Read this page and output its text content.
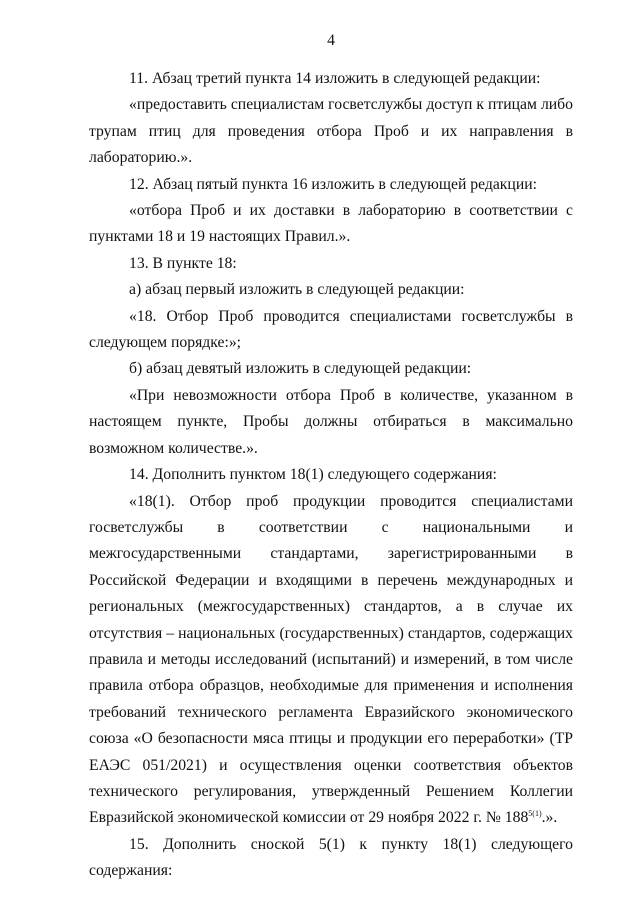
4

11. Абзац третий пункта 14 изложить в следующей редакции:

«предоставить специалистам госветслужбы доступ к птицам либо трупам птиц для проведения отбора Проб и их направления в лабораторию.».

12. Абзац пятый пункта 16 изложить в следующей редакции:

«отбора Проб и их доставки в лабораторию в соответствии с пунктами 18 и 19 настоящих Правил.».

13. В пункте 18:

а) абзац первый изложить в следующей редакции:

«18. Отбор Проб проводится специалистами госветслужбы в следующем порядке:»;

б) абзац девятый изложить в следующей редакции:

«При невозможности отбора Проб в количестве, указанном в настоящем пункте, Пробы должны отбираться в максимально возможном количестве.».

14. Дополнить пунктом 18(1) следующего содержания:

«18(1). Отбор проб продукции проводится специалистами госветслужбы в соответствии с национальными и межгосударственными стандартами, зарегистрированными в Российской Федерации и входящими в перечень международных и региональных (межгосударственных) стандартов, а в случае их отсутствия – национальных (государственных) стандартов, содержащих правила и методы исследований (испытаний) и измерений, в том числе правила отбора образцов, необходимые для применения и исполнения требований технического регламента Евразийского экономического союза «О безопасности мяса птицы и продукции его переработки» (ТР ЕАЭС 051/2021) и осуществления оценки соответствия объектов технического регулирования, утвержденный Решением Коллегии Евразийской экономической комиссии от 29 ноября 2022 г. № $188^{5(1)}$.».

15. Дополнить сноской 5(1) к пункту 18(1) следующего содержания:
